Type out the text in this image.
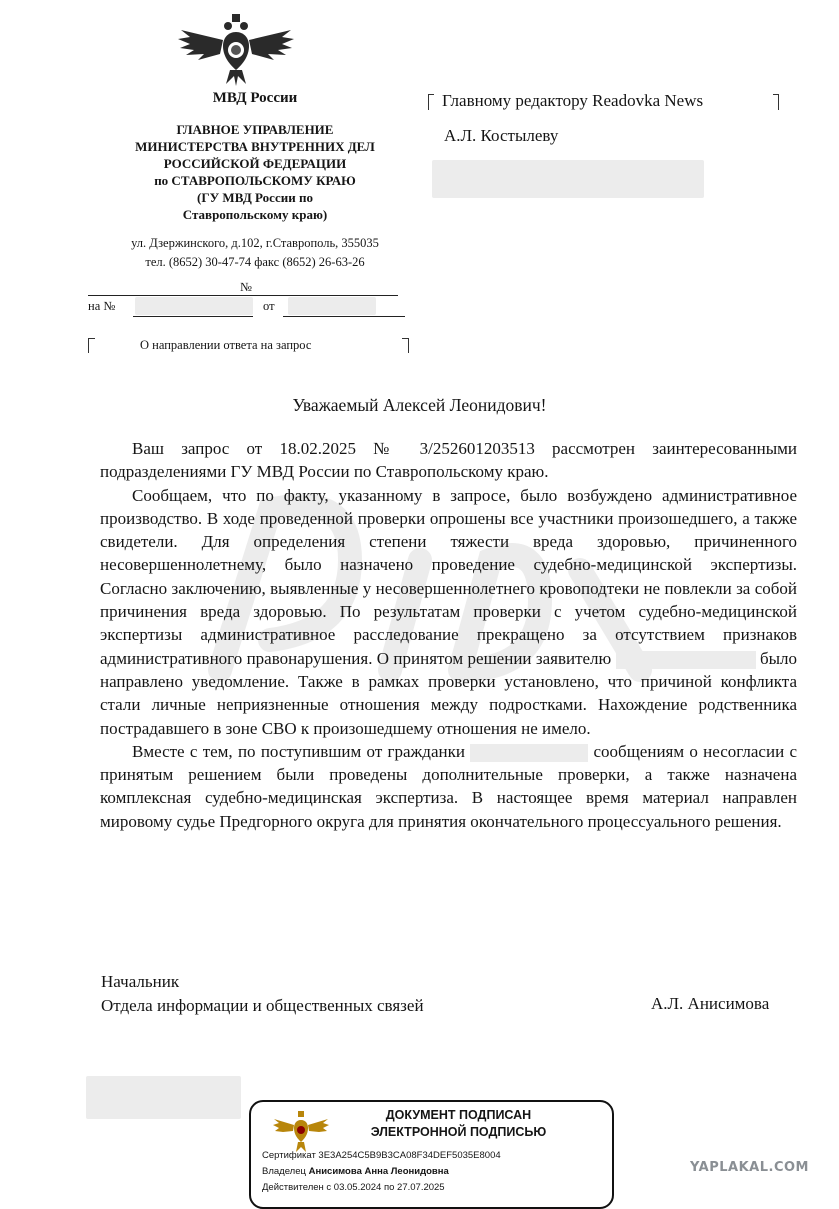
МВД России
ГЛАВНОЕ УПРАВЛЕНИЕ
МИНИСТЕРСТВА ВНУТРЕННИХ ДЕЛ
РОССИЙСКОЙ ФЕДЕРАЦИИ
по СТАВРОПОЛЬСКОМУ КРАЮ
(ГУ МВД России по
Ставропольскому краю)
ул. Дзержинского, д.102, г.Ставрополь, 355035
тел. (8652) 30-47-74 факс (8652) 26-63-26
№
на №	от
О направлении ответа на запрос
Главному редактору Readovka News
А.Л. Костылеву
Уважаемый Алексей Леонидович!

Ваш запрос от 18.02.2025 № 3/252601203513 рассмотрен заинтересованными подразделениями ГУ МВД России по Ставропольскому краю.

Сообщаем, что по факту, указанному в запросе, было возбуждено административное производство. В ходе проведенной проверки опрошены все участники произошедшего, а также свидетели. Для определения степени тяжести вреда здоровью, причиненного несовершеннолетнему, было назначено проведение судебно-медицинской экспертизы. Согласно заключению, выявленные у несовершеннолетнего кровоподтеки не повлекли за собой причинения вреда здоровью. По результатам проверки с учетом судебно-медицинской экспертизы административное расследование прекращено за отсутствием признаков административного правонарушения. О принятом решении заявителю	было направлено уведомление. Также в рамках проверки установлено, что причиной конфликта стали личные неприязненные отношения между подростками. Нахождение родственника пострадавшего в зоне СВО к произошедшему отношения не имело.

Вместе с тем, по поступившим от гражданки	сообщениям о несогласии с принятым решением были проведены дополнительные проверки, а также назначена комплексная судебно-медицинская экспертиза. В настоящее время материал направлен мировому судье Предгорного округа для принятия окончательного процессуального решения.

Начальник
Отдела информации и общественных связей	А.Л. Анисимова
ДОКУМЕНТ ПОДПИСАН
ЭЛЕКТРОННОЙ ПОДПИСЬЮ
Сертификат 3E3A254C5B9B3CA08F34DEF5035E8004
Владелец Анисимова Анна Леонидовна
Действителен с 03.05.2024 по 27.07.2025
YAPLAKAL.COM
